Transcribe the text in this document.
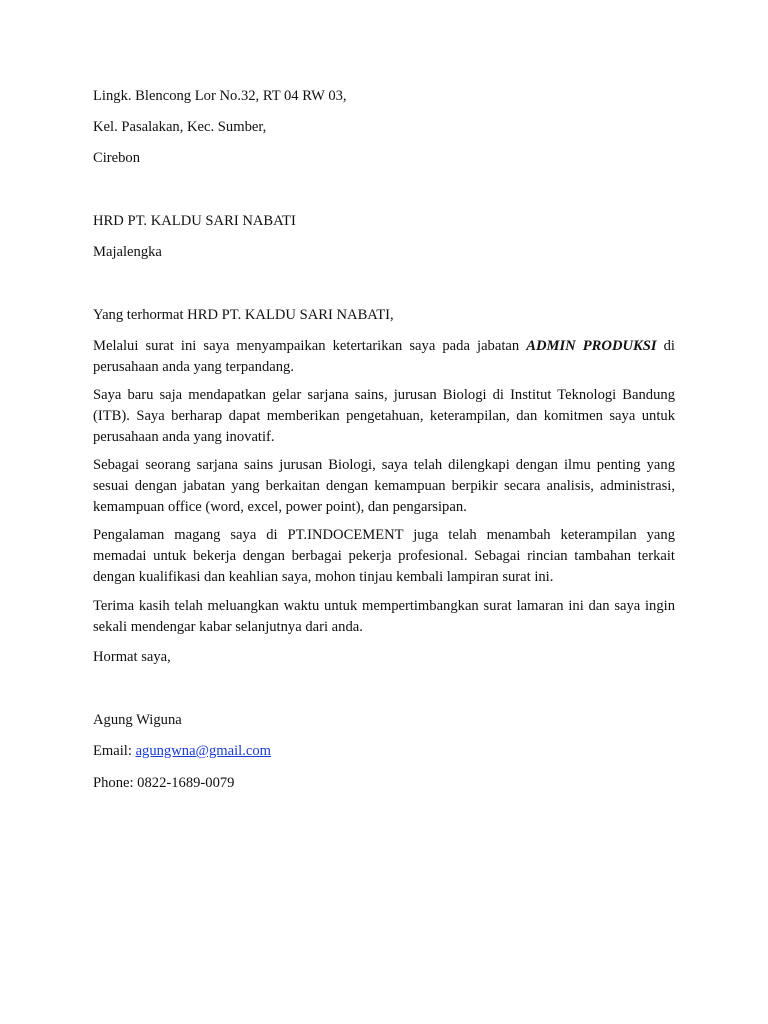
Lingk. Blencong Lor No.32, RT 04 RW 03,
Kel. Pasalakan, Kec. Sumber,
Cirebon
HRD PT. KALDU SARI NABATI
Majalengka
Yang terhormat HRD PT. KALDU SARI NABATI,
Melalui surat ini saya menyampaikan ketertarikan saya pada jabatan ADMIN PRODUKSI di perusahaan anda yang terpandang.
Saya baru saja mendapatkan gelar sarjana sains, jurusan Biologi di Institut Teknologi Bandung (ITB). Saya berharap dapat memberikan pengetahuan, keterampilan, dan komitmen saya untuk perusahaan anda yang inovatif.
Sebagai seorang sarjana sains jurusan Biologi, saya telah dilengkapi dengan ilmu penting yang sesuai dengan jabatan yang berkaitan dengan kemampuan berpikir secara analisis, administrasi, kemampuan office (word, excel, power point), dan pengarsipan.
Pengalaman magang saya di PT.INDOCEMENT juga telah menambah keterampilan yang memadai untuk bekerja dengan berbagai pekerja profesional. Sebagai rincian tambahan terkait dengan kualifikasi dan keahlian saya, mohon tinjau kembali lampiran surat ini.
Terima kasih telah meluangkan waktu untuk mempertimbangkan surat lamaran ini dan saya ingin sekali mendengar kabar selanjutnya dari anda.
Hormat saya,
Agung Wiguna
Email: agungwna@gmail.com
Phone: 0822-1689-0079
